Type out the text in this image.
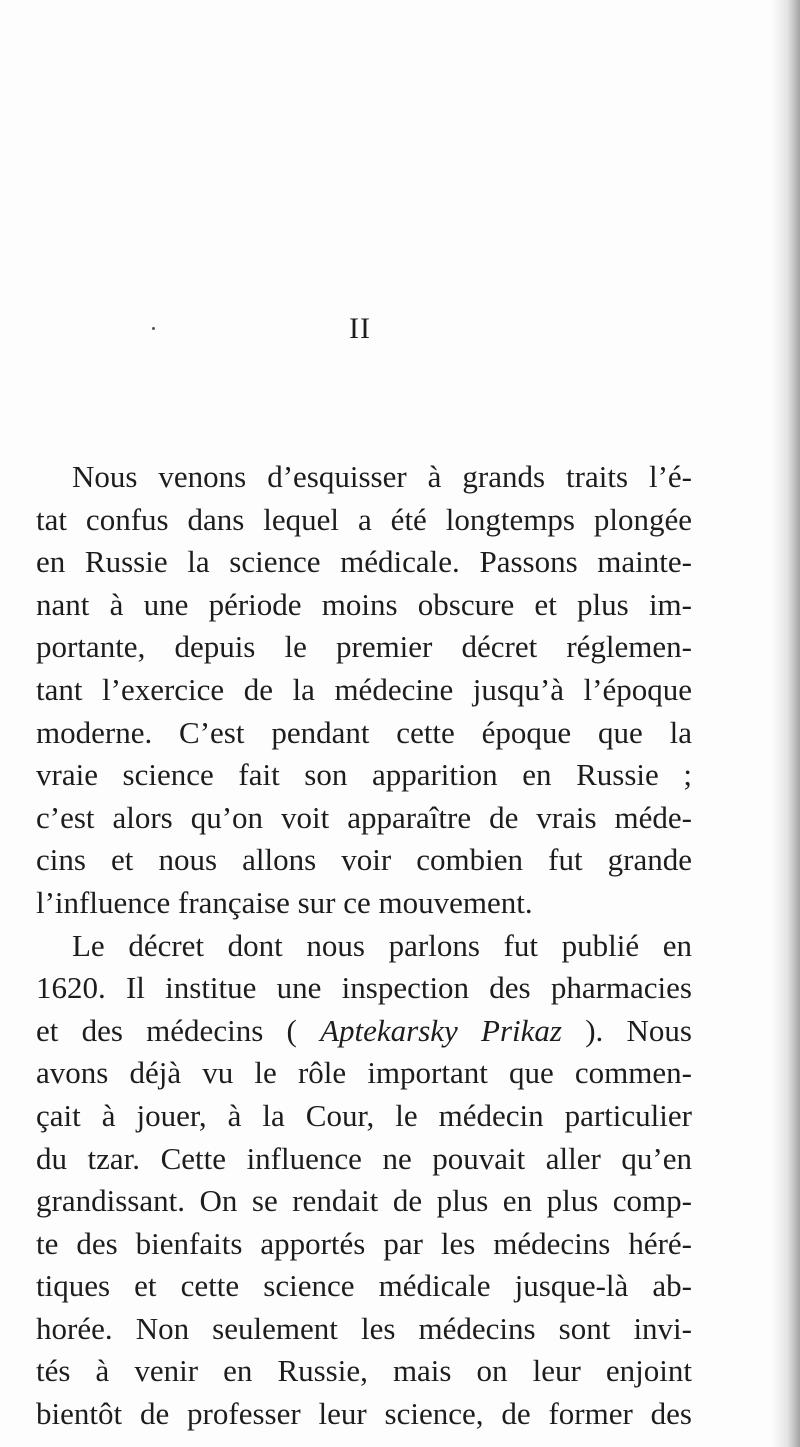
II
Nous venons d’esquisser à grands traits l’é-
tat confus dans lequel a été longtemps plongée
en Russie la science médicale. Passons mainte-
nant à une période moins obscure et plus im-
portante, depuis le premier décret réglemen-
tant l’exercice de la médecine jusqu’à l’époque
moderne. C’est pendant cette époque que la
vraie science fait son apparition en Russie ;
c’est alors qu’on voit apparaître de vrais méde-
cins et nous allons voir combien fut grande
l’influence française sur ce mouvement.
Le décret dont nous parlons fut publié en
1620. Il institue une inspection des pharmacies
et des médecins ( Aptekarsky Prikaz ). Nous
avons déjà vu le rôle important que commen-
çait à jouer, à la Cour, le médecin particulier
du tzar. Cette influence ne pouvait aller qu’en
grandissant. On se rendait de plus en plus comp-
te des bienfaits apportés par les médecins héré-
tiques et cette science médicale jusque-là ab-
horée. Non seulement les médecins sont invi-
tés à venir en Russie, mais on leur enjoint
bientôt de professer leur science, de former des
